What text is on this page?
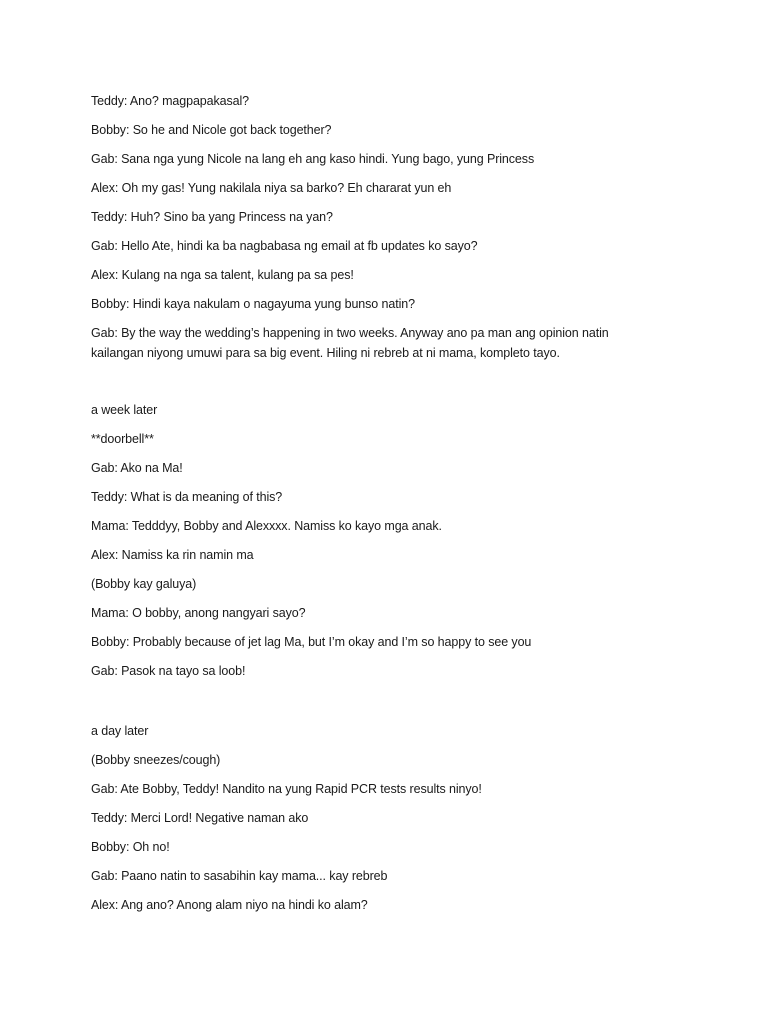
Teddy: Ano? magpapakasal?

Bobby: So he and Nicole got back together?

Gab: Sana nga yung Nicole na lang eh ang kaso hindi. Yung bago, yung Princess

Alex: Oh my gas! Yung nakilala niya sa barko? Eh chararat yun eh

Teddy: Huh? Sino ba yang Princess na yan?

Gab: Hello Ate, hindi ka ba nagbabasa ng email at fb updates ko sayo?

Alex: Kulang na nga sa talent, kulang pa sa pes!

Bobby: Hindi kaya nakulam o nagayuma yung bunso natin?

Gab: By the way the wedding’s happening in two weeks. Anyway ano pa man ang opinion natin kailangan niyong umuwi para sa big event. Hiling ni rebreb at ni mama, kompleto tayo.

a week later

**doorbell**

Gab: Ako na Ma!

Teddy: What is da meaning of this?

Mama: Tedddyy, Bobby and Alexxxx. Namiss ko kayo mga anak.

Alex: Namiss ka rin namin ma

(Bobby kay galuya)

Mama: O bobby, anong nangyari sayo?

Bobby: Probably because of jet lag Ma, but I’m okay and I’m so happy to see you

Gab: Pasok na tayo sa loob!

a day later

(Bobby sneezes/cough)

Gab: Ate Bobby, Teddy! Nandito na yung Rapid PCR tests results ninyo!

Teddy: Merci Lord! Negative naman ako

Bobby: Oh no!

Gab: Paano natin to sasabihin kay mama... kay rebreb

Alex: Ang ano? Anong alam niyo na hindi ko alam?
